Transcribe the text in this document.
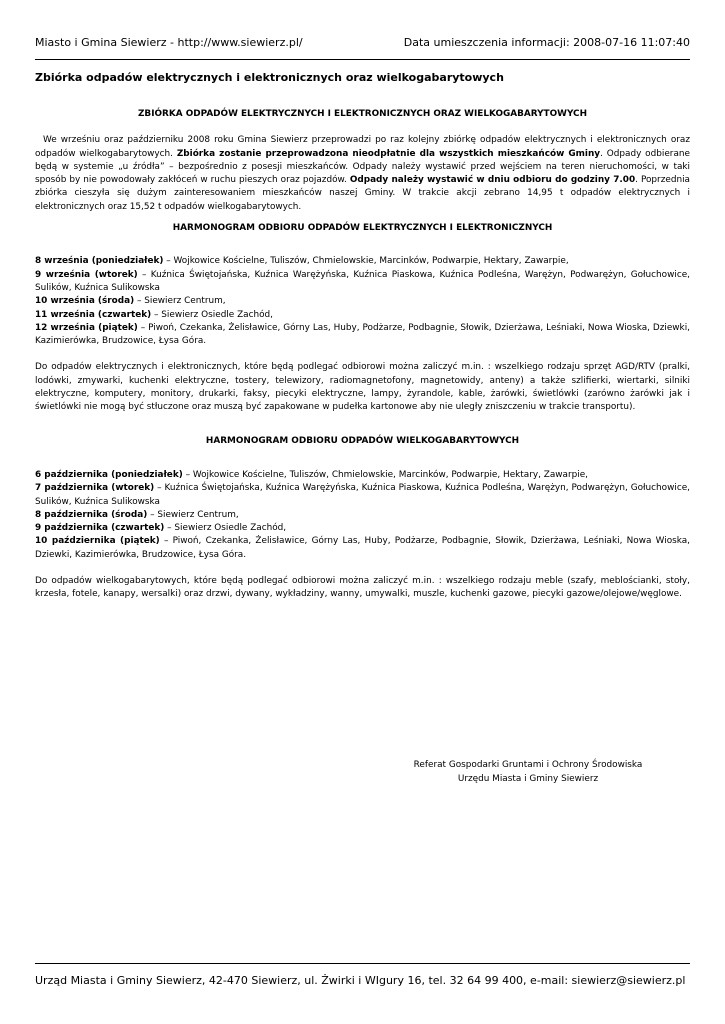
Miasto i Gmina Siewierz - http://www.siewierz.pl/	Data umieszczenia informacji: 2008-07-16 11:07:40
Zbiórka odpadów elektrycznych i elektronicznych oraz wielkogabarytowych
ZBIÓRKA ODPADÓW ELEKTRYCZNYCH I ELEKTRONICZNYCH ORAZ WIELKOGABARYTOWYCH

We wrześniu oraz październiku 2008 roku Gmina Siewierz przeprowadzi po raz kolejny zbiórkę odpadów elektrycznych i elektronicznych oraz odpadów wielkogabarytowych. Zbiórka zostanie przeprowadzona nieodpłatnie dla wszystkich mieszkańców Gminy. Odpady odbierane będą w systemie „u źródła” – bezpośrednio z posesji mieszkańców. Odpady należy wystawić przed wejściem na teren nieruchomości, w taki sposób by nie powodowały zakłóceń w ruchu pieszych oraz pojazdów. Odpady należy wystawić w dniu odbioru do godziny 7.00. Poprzednia zbiórka cieszyła się dużym zainteresowaniem mieszkańców naszej Gminy. W trakcie akcji zebrano 14,95 t odpadów elektrycznych i elektronicznych oraz 15,52 t odpadów wielkogabarytowych.

HARMONOGRAM ODBIORU ODPADÓW ELEKTRYCZNYCH I ELEKTRONICZNYCH

8 września (poniedziałek) – Wojkowice Kościelne, Tuliszów, Chmielowskie, Marcinków, Podwarpie, Hektary, Zawarpie,

9 września (wtorek) – Kuźnica Świętojańska, Kuźnica Warężyńska, Kuźnica Piaskowa, Kuźnica Podleśna, Warężyn, Podwarężyn, Gołuchowice, Sulików, Kuźnica Sulikowska

10 września (środa) – Siewierz Centrum,

11 września (czwartek) – Siewierz Osiedle Zachód,

12 września (piątek) – Piwoń, Czekanka, Żelisławice, Górny Las, Huby, Podżarze, Podbagnie, Słowik, Dzierżawa, Leśniaki, Nowa Wioska, Dziewki, Kazimierówka, Brudzowice, Łysa Góra.

Do odpadów elektrycznych i elektronicznych, które będą podlegać odbiorowi można zaliczyć m.in. : wszelkiego rodzaju sprzęt AGD/RTV (pralki, lodówki, zmywarki, kuchenki elektryczne, tostery, telewizory, radiomagnetofony, magnetowidy, anteny) a także szlifierki, wiertarki, silniki elektryczne, komputery, monitory, drukarki, faksy, piecyki elektryczne, lampy, żyrandole, kable, żarówki, świetlówki (zarówno żarówki jak i świetlówki nie mogą być stłuczone oraz muszą być zapakowane w pudełka kartonowe aby nie uległy zniszczeniu w trakcie transportu).

HARMONOGRAM ODBIORU ODPADÓW WIELKOGABARYTOWYCH

6 października (poniedziałek) – Wojkowice Kościelne, Tuliszów, Chmielowskie, Marcinków, Podwarpie, Hektary, Zawarpie,

7 października (wtorek) – Kuźnica Świętojańska, Kuźnica Warężyńska, Kuźnica Piaskowa, Kuźnica Podleśna, Warężyn, Podwarężyn, Gołuchowice, Sulików, Kuźnica Sulikowska

8 października (środa) – Siewierz Centrum,

9 października (czwartek) – Siewierz Osiedle Zachód,

10 października (piątek) – Piwoń, Czekanka, Żelisławice, Górny Las, Huby, Podżarze, Podbagnie, Słowik, Dzierżawa, Leśniaki, Nowa Wioska, Dziewki, Kazimierówka, Brudzowice, Łysa Góra.

Do odpadów wielkogabarytowych, które będą podlegać odbiorowi można zaliczyć m.in. : wszelkiego rodzaju meble (szafy, meblościanki, stoły, krzesła, fotele, kanapy, wersalki) oraz drzwi, dywany, wykładziny, wanny, umywalki, muszle, kuchenki gazowe, piecyki gazowe/olejowe/węglowe.

Referat Gospodarki Gruntami i Ochrony Środowiska
Urzędu Miasta i Gminy Siewierz
Urząd Miasta i Gminy Siewierz, 42-470 Siewierz, ul. Żwirki i WIgury 16, tel. 32 64 99 400, e-mail: siewierz@siewierz.pl
